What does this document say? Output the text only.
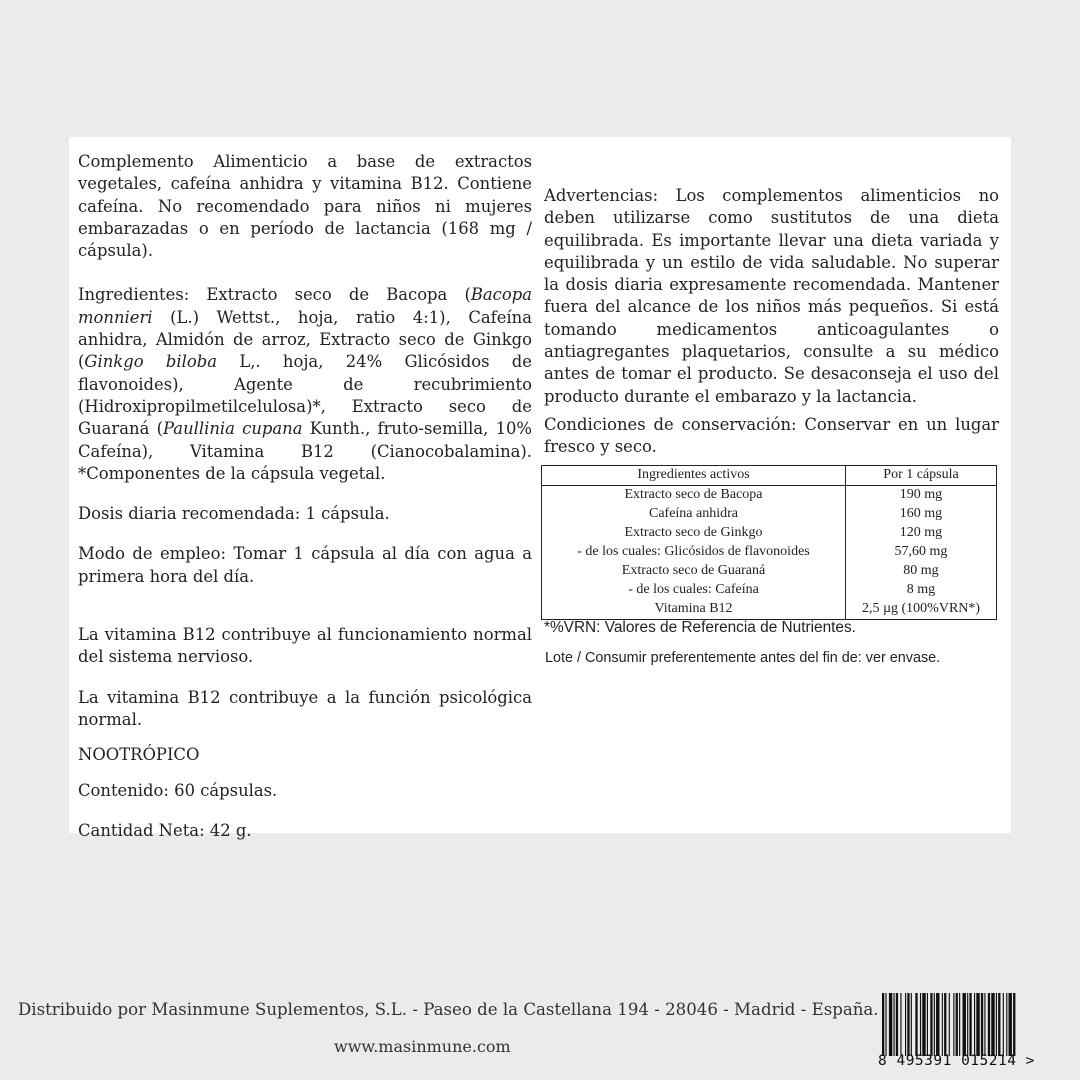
Complemento Alimenticio a base de extractos vegetales, cafeína anhidra y vitamina B12. Contiene cafeína. No recomendado para niños ni mujeres embarazadas o en período de lactancia (168 mg / cápsula).

Ingredientes: Extracto seco de Bacopa (Bacopa monnieri (L.) Wettst., hoja, ratio 4:1), Cafeína anhidra, Almidón de arroz, Extracto seco de Ginkgo (Ginkgo biloba L,. hoja, 24% Glicósidos de flavonoides), Agente de recubrimiento (Hidroxipropilmetilcelulosa)*, Extracto seco de Guaraná (Paullinia cupana Kunth., fruto-semilla, 10% Cafeína), Vitamina B12 (Cianocobalamina). *Componentes de la cápsula vegetal.

Dosis diaria recomendada: 1 cápsula.

Modo de empleo: Tomar 1 cápsula al día con agua a primera hora del día.

La vitamina B12 contribuye al funcionamiento normal del sistema nervioso.

La vitamina B12 contribuye a la función psicológica normal.

NOOTRÓPICO

Contenido: 60 cápsulas.

Cantidad Neta: 42 g.

Advertencias: Los complementos alimenticios no deben utilizarse como sustitutos de una dieta equilibrada. Es importante llevar una dieta variada y equilibrada y un estilo de vida saludable. No superar la dosis diaria expresamente recomendada. Mantener fuera del alcance de los niños más pequeños. Si está tomando medicamentos anticoagulantes o antiagregantes plaquetarios, consulte a su médico antes de tomar el producto. Se desaconseja el uso del producto durante el embarazo y la lactancia.

Condiciones de conservación: Conservar en un lugar fresco y seco.

Ingredientes activos	Por 1 cápsula
Extracto seco de Bacopa	190 mg
Cafeína anhidra	160 mg
Extracto seco de Ginkgo	120 mg
- de los cuales: Glicósidos de flavonoides	57,60 mg
Extracto seco de Guaraná	80 mg
- de los cuales: Cafeína	8 mg
Vitamina B12	2,5 µg (100%VRN*)
*%VRN: Valores de Referencia de Nutrientes.
Lote / Consumir preferentemente antes del fin de: ver envase.
Distribuido por Masinmune Suplementos, S.L. - Paseo de la Castellana 194 - 28046 - Madrid - España.
www.masinmune.com
8 495391 015214 >
